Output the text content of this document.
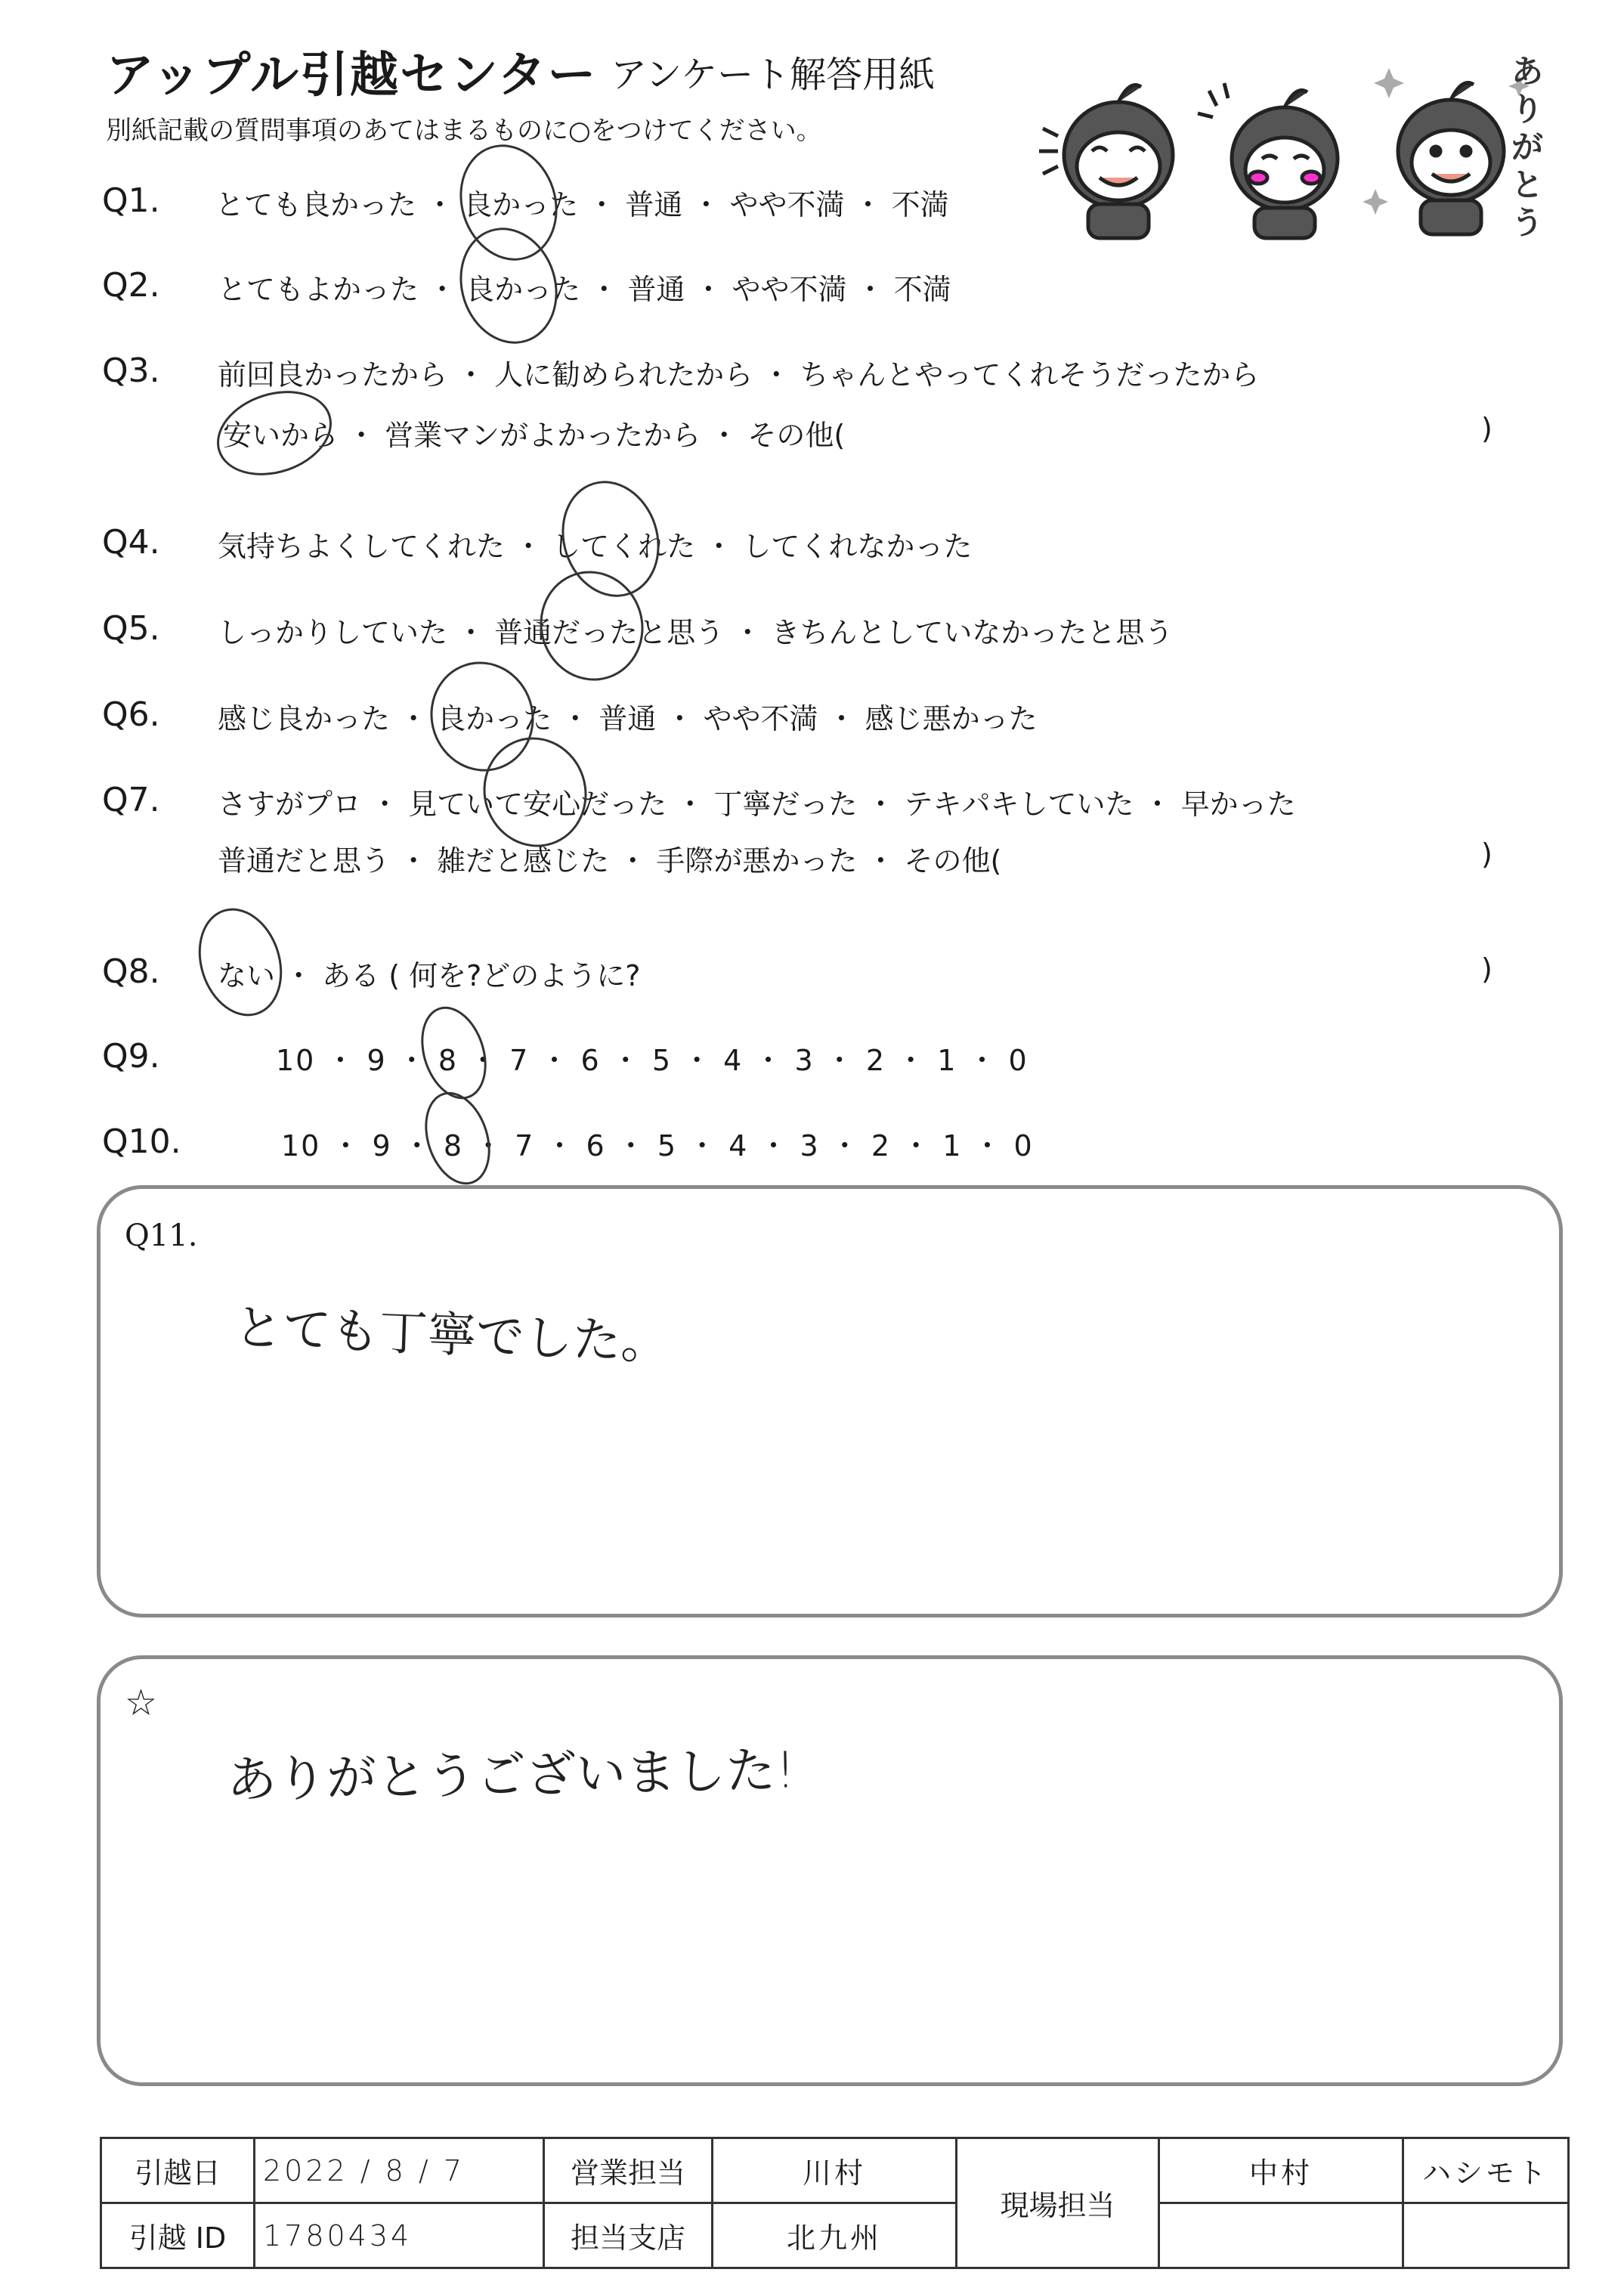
アップル引越センター アンケート解答用紙
別紙記載の質問事項のあてはまるものに○をつけてください。
ありがとう
Q1. とても良かった ・ 良かった ・ 普通 ・ やや不満 ・ 不満
Q2. とてもよかった ・ 良かった ・ 普通 ・ やや不満 ・ 不満
Q3. 前回良かったから ・ 人に勧められたから ・ ちゃんとやってくれそうだったから
安いから ・ 営業マンがよかったから ・ その他(	)
Q4. 気持ちよくしてくれた ・ してくれた ・ してくれなかった
Q5. しっかりしていた ・ 普通だったと思う ・ きちんとしていなかったと思う
Q6. 感じ良かった ・ 良かった ・ 普通 ・ やや不満 ・ 感じ悪かった
Q7. さすがプロ ・ 見ていて安心だった ・ 丁寧だった ・ テキパキしていた ・ 早かった
普通だと思う ・ 雑だと感じた ・ 手際が悪かった ・ その他(	)
Q8. ない ・ ある ( 何を?どのように?	)
Q9.	10 ・ 9 ・ 8 ・ 7 ・ 6 ・ 5 ・ 4 ・ 3 ・ 2 ・ 1 ・ 0
Q10.	10 ・ 9 ・ 8 ・ 7 ・ 6 ・ 5 ・ 4 ・ 3 ・ 2 ・ 1 ・ 0
Q11.
とても丁寧でした。
☆
ありがとうございました!
引越日	2022 / 8 / 7	営業担当	川村	現場担当	中村	ハシモト
引越 ID	1780434	担当支店	北九州			
